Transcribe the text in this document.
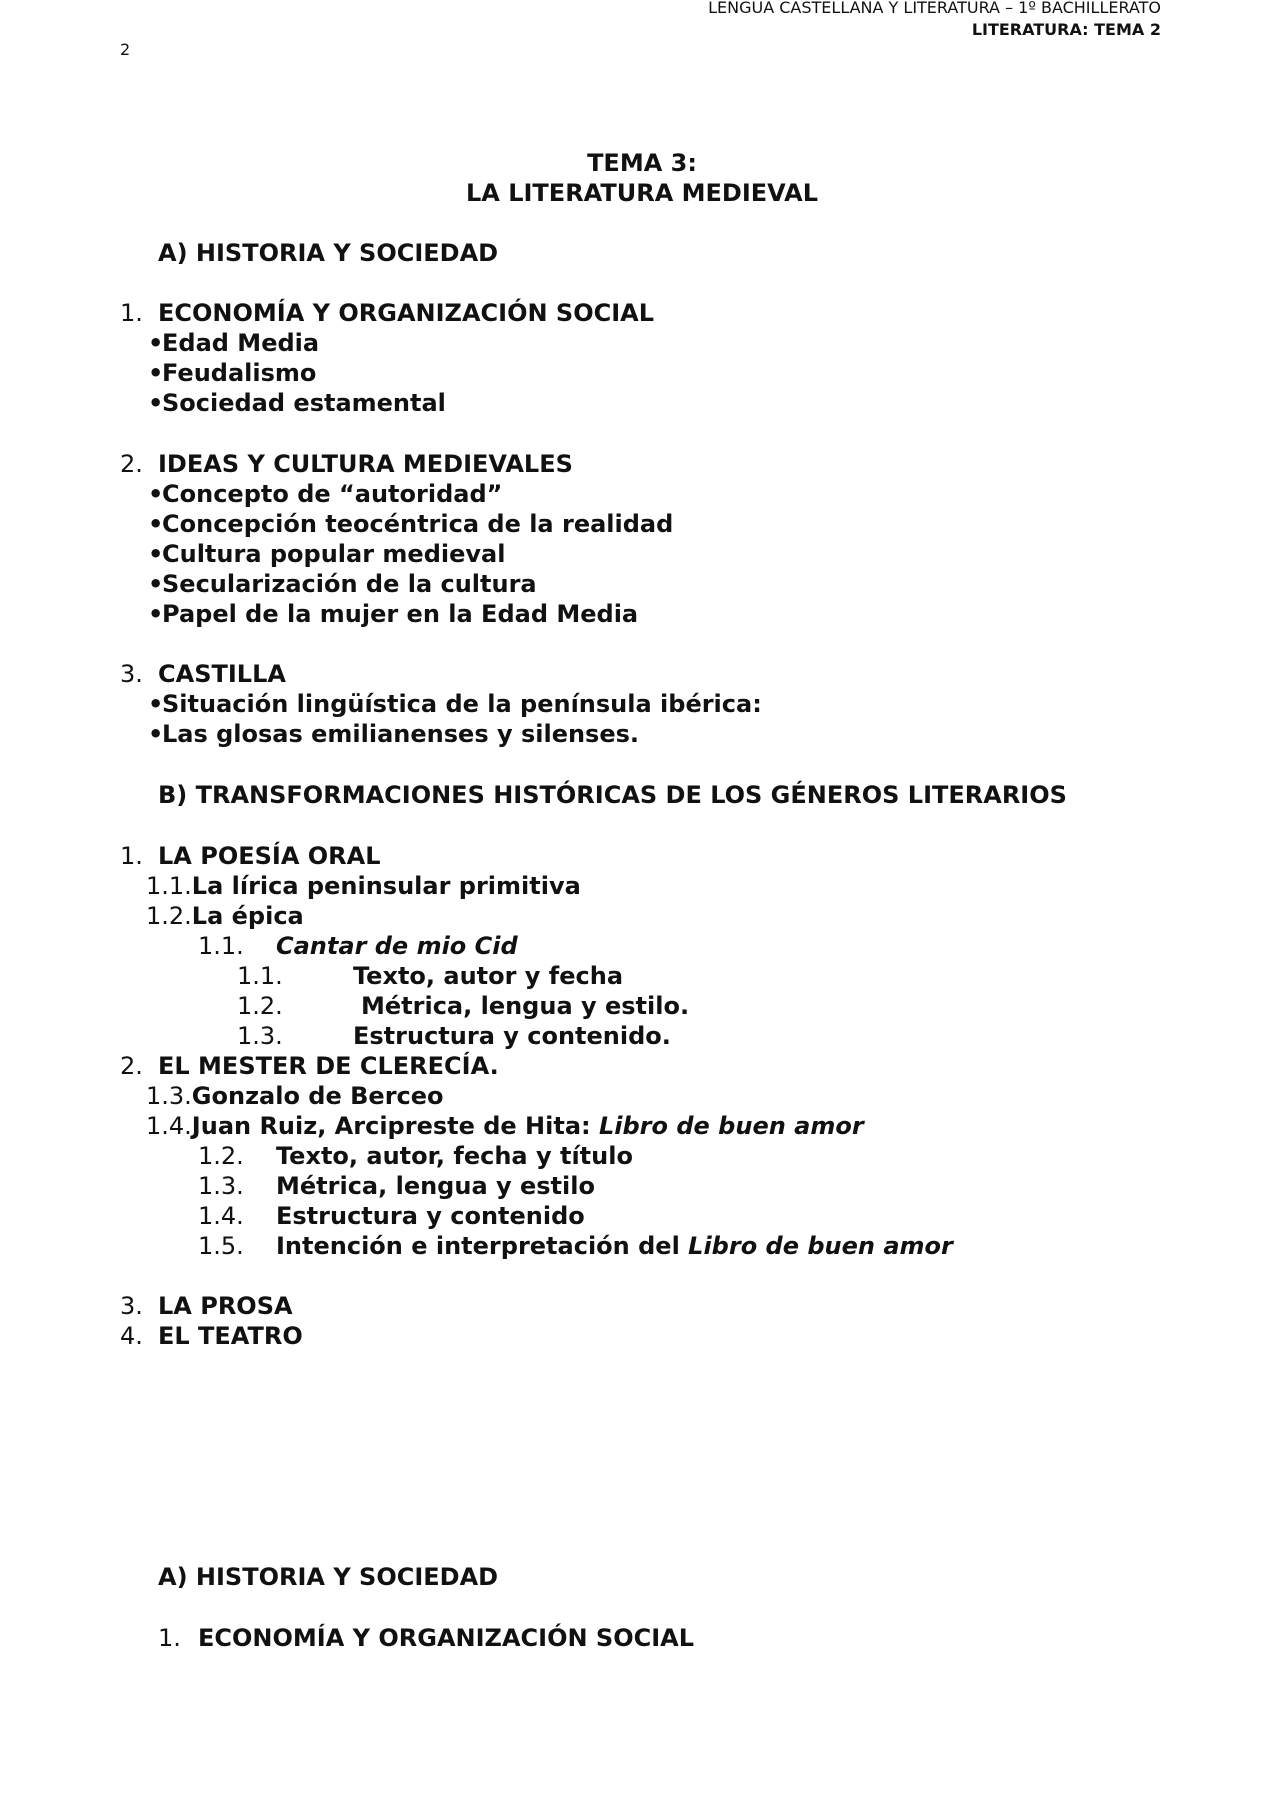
LENGUA CASTELLANA Y LITERATURA – 1º BACHILLERATO
LITERATURA: TEMA 2
2
TEMA 3:
LA LITERATURA MEDIEVAL
A) HISTORIA Y SOCIEDAD
1. ECONOMÍA Y ORGANIZACIÓN SOCIAL
•Edad Media
•Feudalismo
•Sociedad estamental
2. IDEAS Y CULTURA MEDIEVALES
•Concepto de “autoridad”
•Concepción teocéntrica de la realidad
•Cultura popular medieval
•Secularización de la cultura
•Papel de la mujer en la Edad Media
3. CASTILLA
•Situación lingüística de la península ibérica:
•Las glosas emilianenses y silenses.
B) TRANSFORMACIONES HISTÓRICAS DE LOS GÉNEROS LITERARIOS
1. LA POESÍA ORAL
1.1.La lírica peninsular primitiva
1.2.La épica
1.1. Cantar de mio Cid
1.1.	Texto, autor y fecha
1.2.	Métrica, lengua y estilo.
1.3.	Estructura y contenido.
2. EL MESTER DE CLERECÍA.
1.3.Gonzalo de Berceo
1.4.Juan Ruiz, Arcipreste de Hita: Libro de buen amor
1.2. Texto, autor, fecha y título
1.3. Métrica, lengua y estilo
1.4. Estructura y contenido
1.5. Intención e interpretación del Libro de buen amor
3. LA PROSA
4. EL TEATRO
A) HISTORIA Y SOCIEDAD
1. ECONOMÍA Y ORGANIZACIÓN SOCIAL
